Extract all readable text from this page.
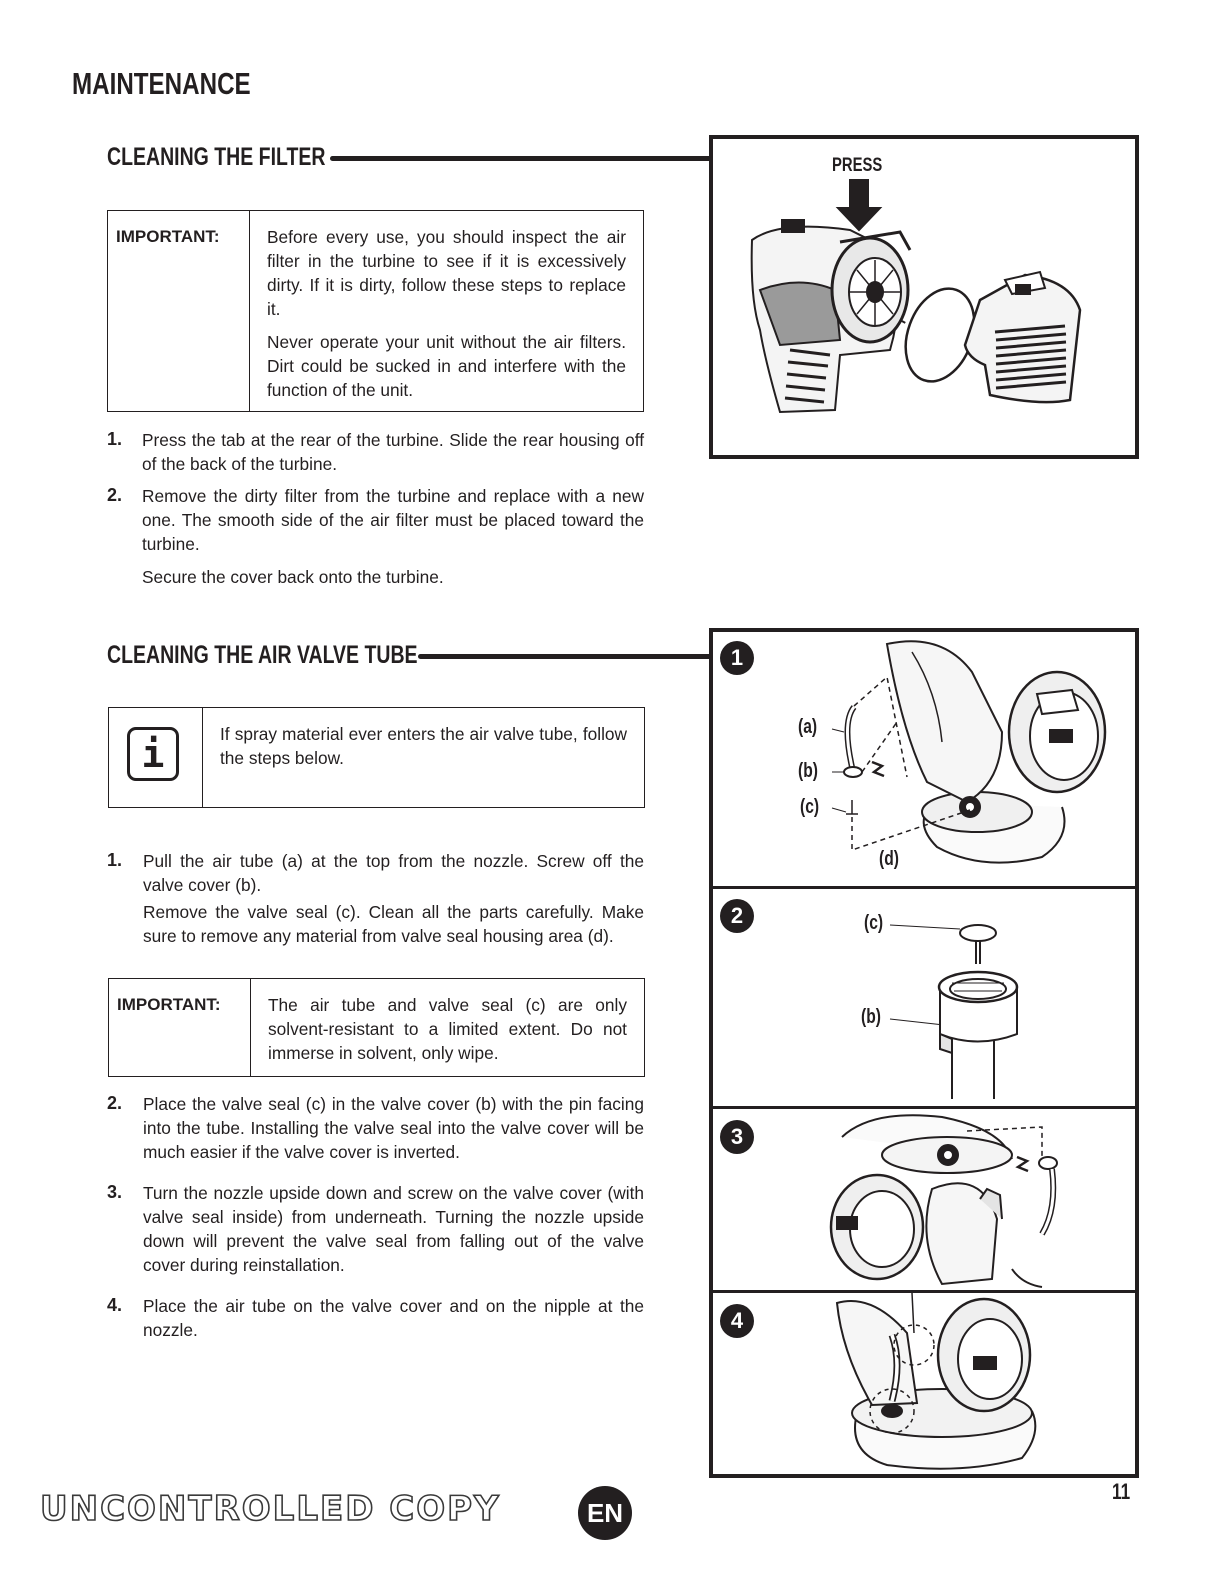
MAINTENANCE
CLEANING THE FILTER
IMPORTANT:	Before every use, you should inspect the air filter in the turbine to see if it is excessively dirty. If it is dirty, follow these steps to replace it.

Never operate your unit without the air filters. Dirt could be sucked in and interfere with the function of the unit.

1. Press the tab at the rear of the turbine. Slide the rear housing off of the back of the turbine.

2. Remove the dirty filter from the turbine and replace with a new one. The smooth side of the air filter must be placed toward the turbine.

Secure the cover back onto the turbine.

PRESS
CLEANING THE AIR VALVE TUBE
i	If spray material ever enters the air valve tube, follow the steps below.
1. Pull the air tube (a) at the top from the nozzle. Screw off the valve cover (b).

Remove the valve seal (c). Clean all the parts carefully. Make sure to remove any material from valve seal housing area (d).

IMPORTANT:	The air tube and valve seal (c) are only solvent-resistant to a limited extent. Do not immerse in solvent, only wipe.
2. Place the valve seal (c) in the valve cover (b) with the pin facing into the tube. Installing the valve seal into the valve cover will be much easier if the valve cover is inverted.

3. Turn the nozzle upside down and screw on the valve cover (with valve seal inside) from underneath. Turning the nozzle upside down will prevent the valve seal from falling out of the valve cover during reinstallation.

4. Place the air tube on the valve cover and on the nipple at the nozzle.

1
(a)
(b)
(c)
(d)
2	(c)
(b)
3
4
UNCONTROLLED COPY	EN
11
